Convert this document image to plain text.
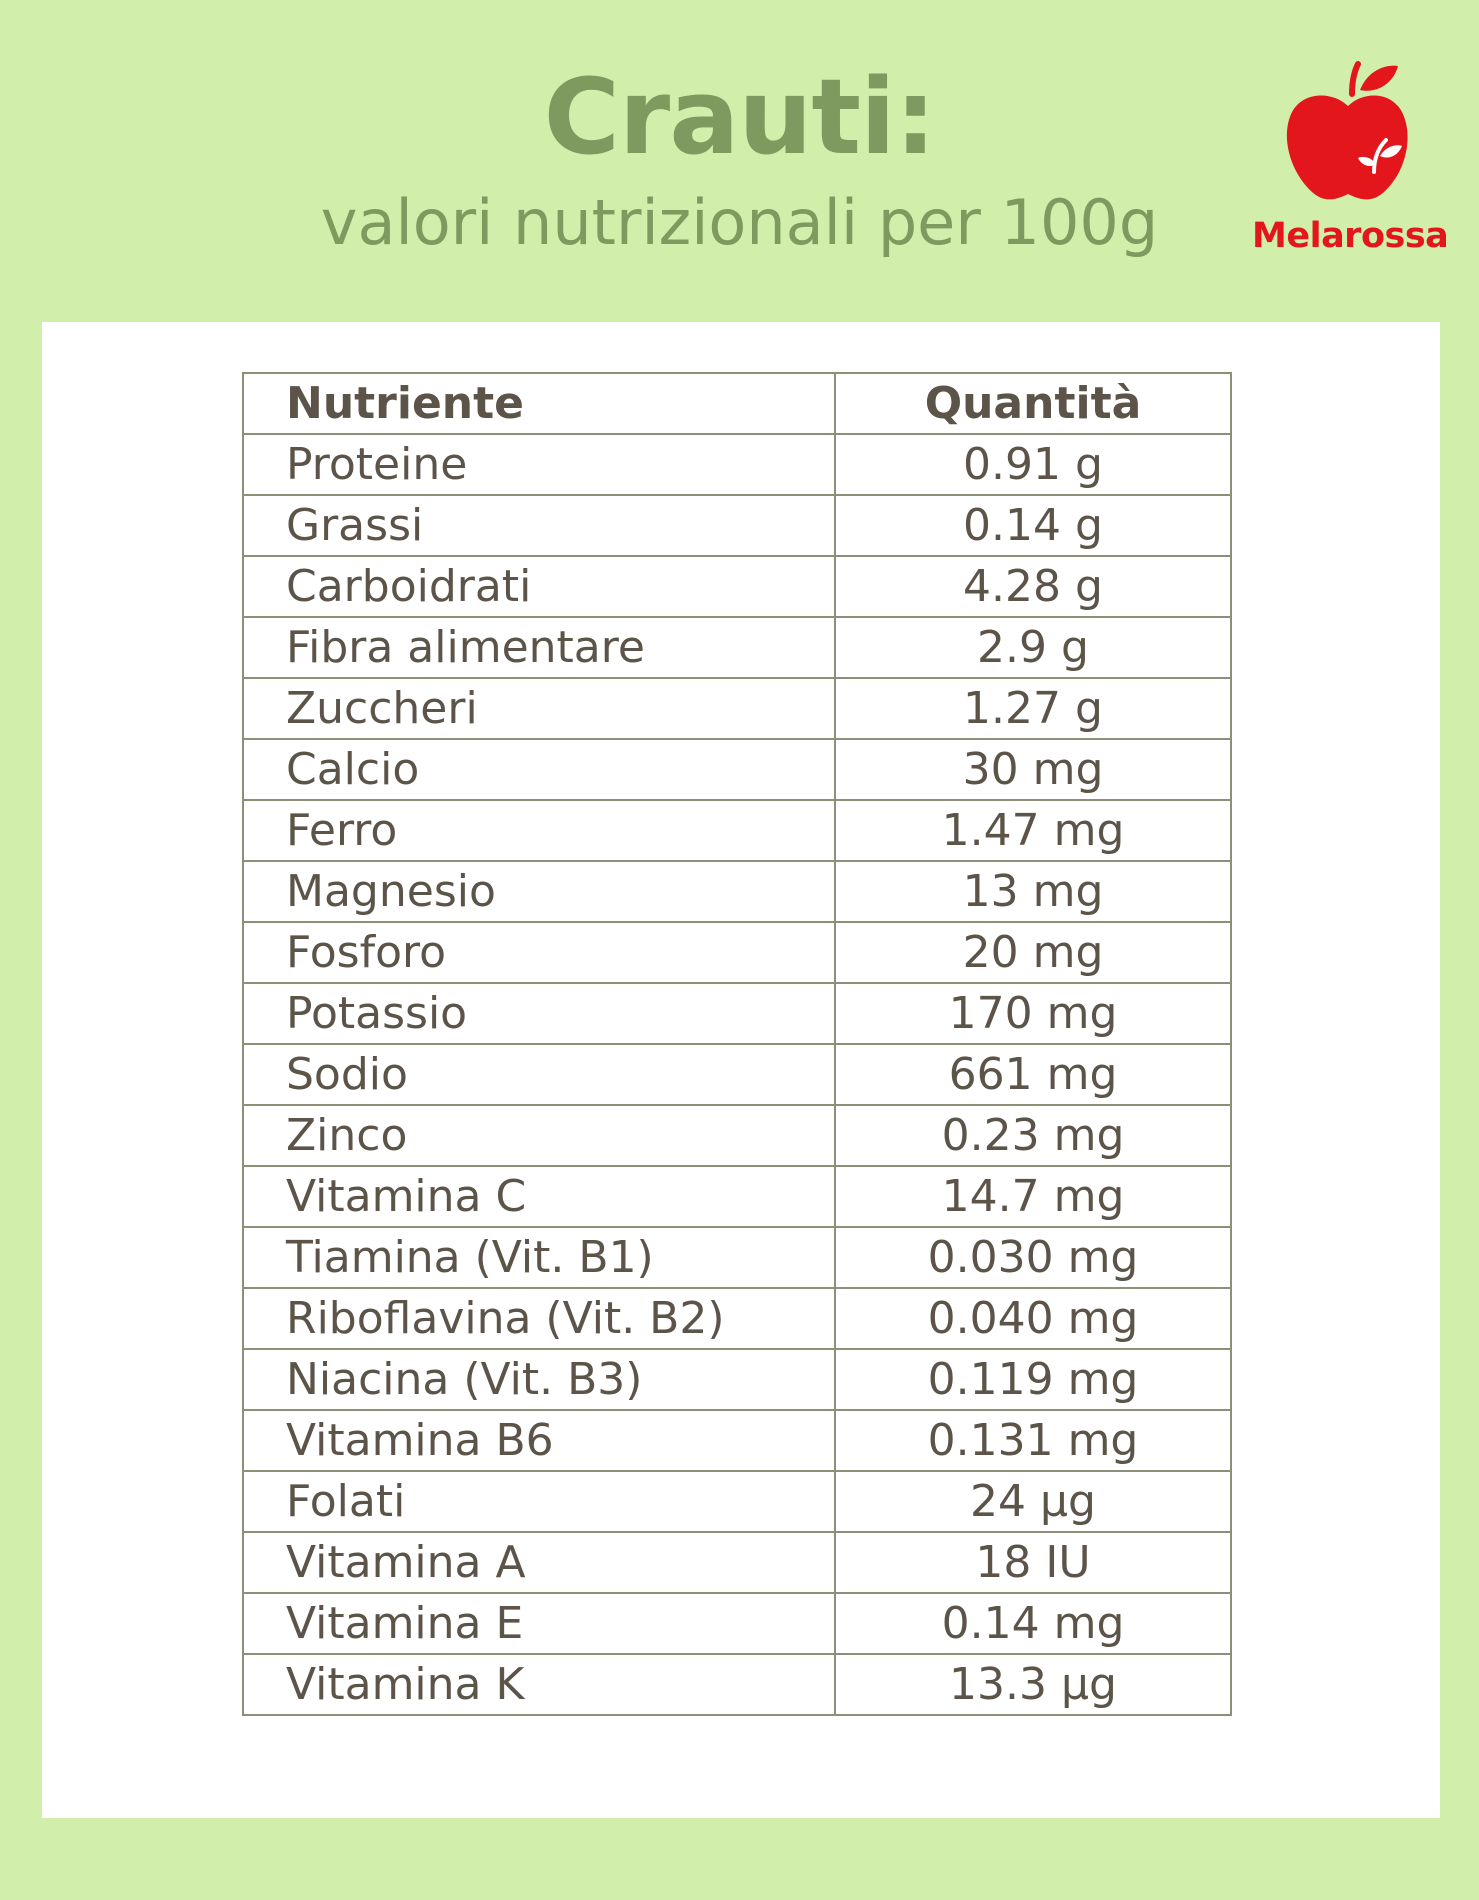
Crauti:
valori nutrizionali per 100g	Melarossa
Nutriente	Quantità
Proteine	0.91 g
Grassi	0.14 g
Carboidrati	4.28 g
Fibra alimentare	2.9 g
Zuccheri	1.27 g
Calcio	30 mg
Ferro	1.47 mg
Magnesio	13 mg
Fosforo	20 mg
Potassio	170 mg
Sodio	661 mg
Zinco	0.23 mg
Vitamina C	14.7 mg
Tiamina (Vit. B1)	0.030 mg
Riboflavina (Vit. B2)	0.040 mg
Niacina (Vit. B3)	0.119 mg
Vitamina B6	0.131 mg
Folati	24 µg
Vitamina A	18 IU
Vitamina E	0.14 mg
Vitamina K	13.3 µg
